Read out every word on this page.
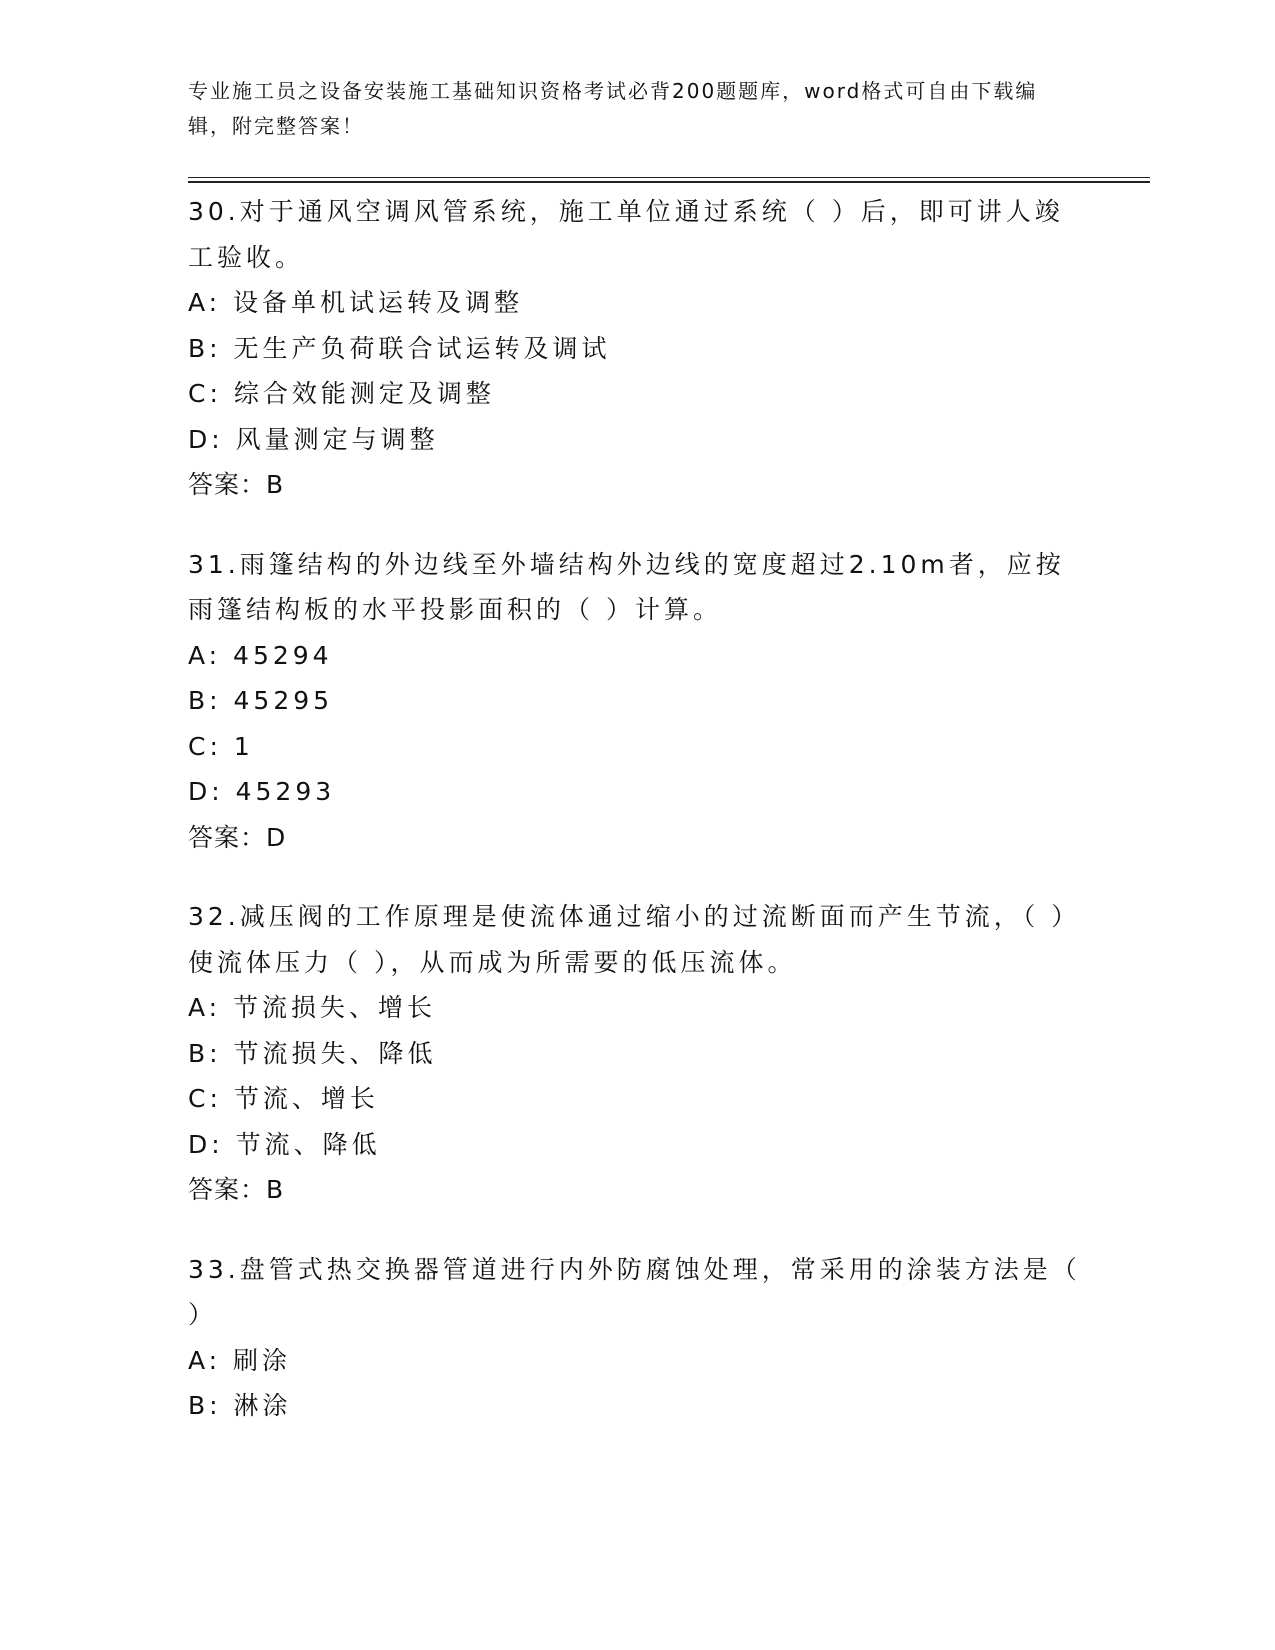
专业施工员之设备安装施工基础知识资格考试必背200题题库，word格式可自由下载编辑，附完整答案！
30.对于通风空调风管系统，施工单位通过系统（ ）后，即可讲人竣工验收。
A: 设备单机试运转及调整
B: 无生产负荷联合试运转及调试
C: 综合效能测定及调整
D: 风量测定与调整
答案：B
31.雨篷结构的外边线至外墙结构外边线的宽度超过2.10m者，应按雨篷结构板的水平投影面积的（ ）计算。
A: 45294
B: 45295
C: 1
D: 45293
答案：D
32.减压阀的工作原理是使流体通过缩小的过流断面而产生节流，（ ）使流体压力（ ），从而成为所需要的低压流体。
A: 节流损失、增长
B: 节流损失、降低
C: 节流、增长
D: 节流、降低
答案：B
33.盘管式热交换器管道进行内外防腐蚀处理，常采用的涂装方法是（ ）
A: 刷涂
B: 淋涂
